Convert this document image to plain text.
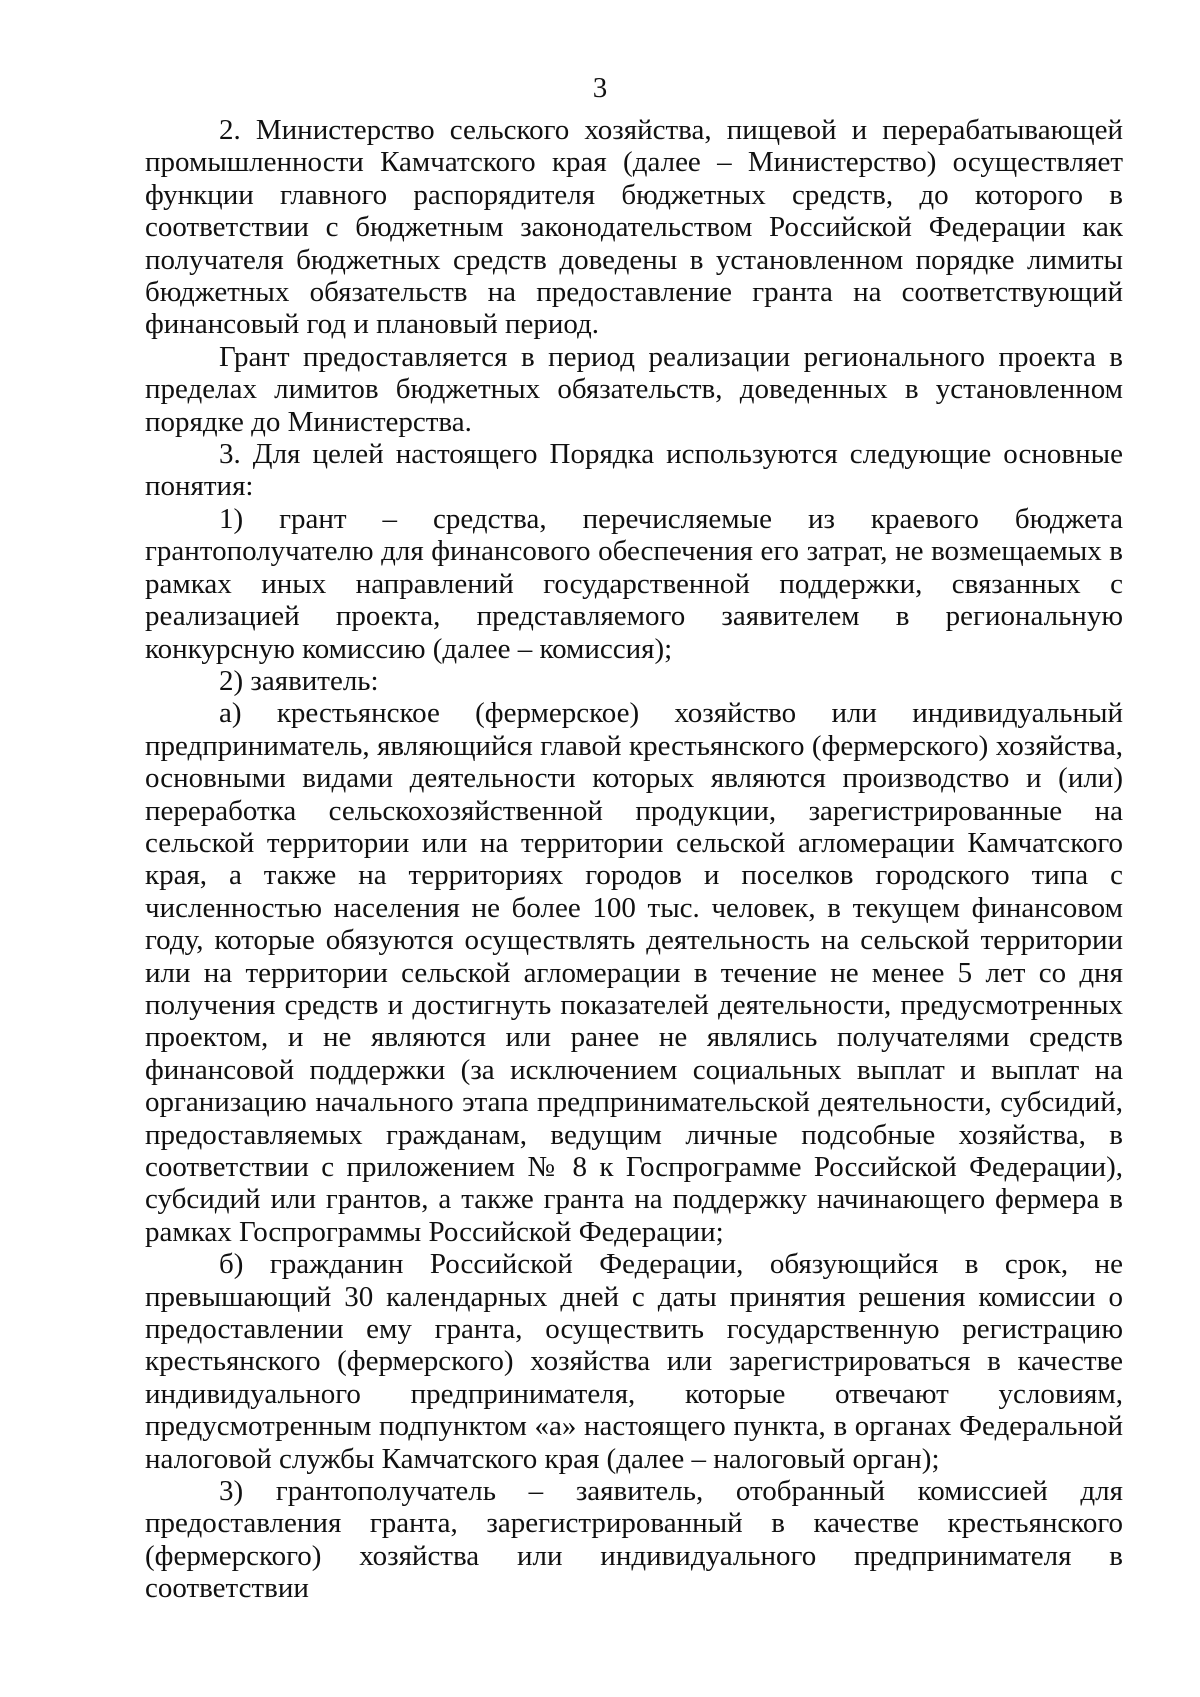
3

2. Министерство сельского хозяйства, пищевой и перерабатывающей промышленности Камчатского края (далее – Министерство) осуществляет функции главного распорядителя бюджетных средств, до которого в соответствии с бюджетным законодательством Российской Федерации как получателя бюджетных средств доведены в установленном порядке лимиты бюджетных обязательств на предоставление гранта на соответствующий финансовый год и плановый период.

Грант предоставляется в период реализации регионального проекта в пределах лимитов бюджетных обязательств, доведенных в установленном порядке до Министерства.

3. Для целей настоящего Порядка используются следующие основные понятия:

1) грант – средства, перечисляемые из краевого бюджета грантополучателю для финансового обеспечения его затрат, не возмещаемых в рамках иных направлений государственной поддержки, связанных с реализацией проекта, представляемого заявителем в региональную конкурсную комиссию (далее – комиссия);

2) заявитель:

а) крестьянское (фермерское) хозяйство или индивидуальный предприниматель, являющийся главой крестьянского (фермерского) хозяйства, основными видами деятельности которых являются производство и (или) переработка сельскохозяйственной продукции, зарегистрированные на сельской территории или на территории сельской агломерации Камчатского края, а также на территориях городов и поселков городского типа с численностью населения не более 100 тыс. человек, в текущем финансовом году, которые обязуются осуществлять деятельность на сельской территории или на территории сельской агломерации в течение не менее 5 лет со дня получения средств и достигнуть показателей деятельности, предусмотренных проектом, и не являются или ранее не являлись получателями средств финансовой поддержки (за исключением социальных выплат и выплат на организацию начального этапа предпринимательской деятельности, субсидий, предоставляемых гражданам, ведущим личные подсобные хозяйства, в соответствии с приложением № 8 к Госпрограмме Российской Федерации), субсидий или грантов, а также гранта на поддержку начинающего фермера в рамках Госпрограммы Российской Федерации;

б) гражданин Российской Федерации, обязующийся в срок, не превышающий 30 календарных дней с даты принятия решения комиссии о предоставлении ему гранта, осуществить государственную регистрацию крестьянского (фермерского) хозяйства или зарегистрироваться в качестве индивидуального предпринимателя, которые отвечают условиям, предусмотренным подпунктом «а» настоящего пункта, в органах Федеральной налоговой службы Камчатского края (далее – налоговый орган);

3) грантополучатель – заявитель, отобранный комиссией для предоставления гранта, зарегистрированный в качестве крестьянского (фермерского) хозяйства или индивидуального предпринимателя в соответствии
